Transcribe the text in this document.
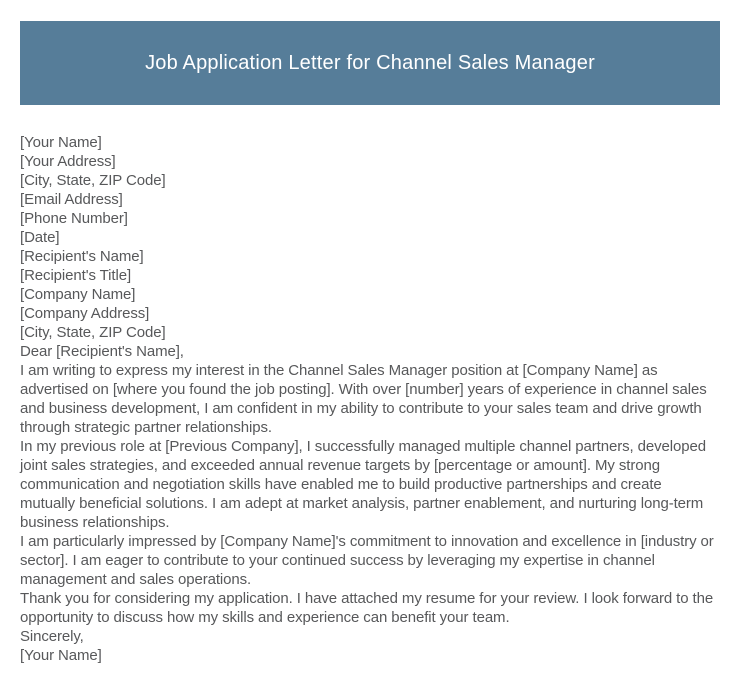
Job Application Letter for Channel Sales Manager
[Your Name]
[Your Address]
[City, State, ZIP Code]
[Email Address]
[Phone Number]
[Date]
[Recipient's Name]
[Recipient's Title]
[Company Name]
[Company Address]
[City, State, ZIP Code]
Dear [Recipient's Name],

I am writing to express my interest in the Channel Sales Manager position at [Company Name] as advertised on [where you found the job posting]. With over [number] years of experience in channel sales and business development, I am confident in my ability to contribute to your sales team and drive growth through strategic partner relationships.

In my previous role at [Previous Company], I successfully managed multiple channel partners, developed joint sales strategies, and exceeded annual revenue targets by [percentage or amount]. My strong communication and negotiation skills have enabled me to build productive partnerships and create mutually beneficial solutions. I am adept at market analysis, partner enablement, and nurturing long-term business relationships.

I am particularly impressed by [Company Name]'s commitment to innovation and excellence in [industry or sector]. I am eager to contribute to your continued success by leveraging my expertise in channel management and sales operations.

Thank you for considering my application. I have attached my resume for your review. I look forward to the opportunity to discuss how my skills and experience can benefit your team.

Sincerely,
[Your Name]
